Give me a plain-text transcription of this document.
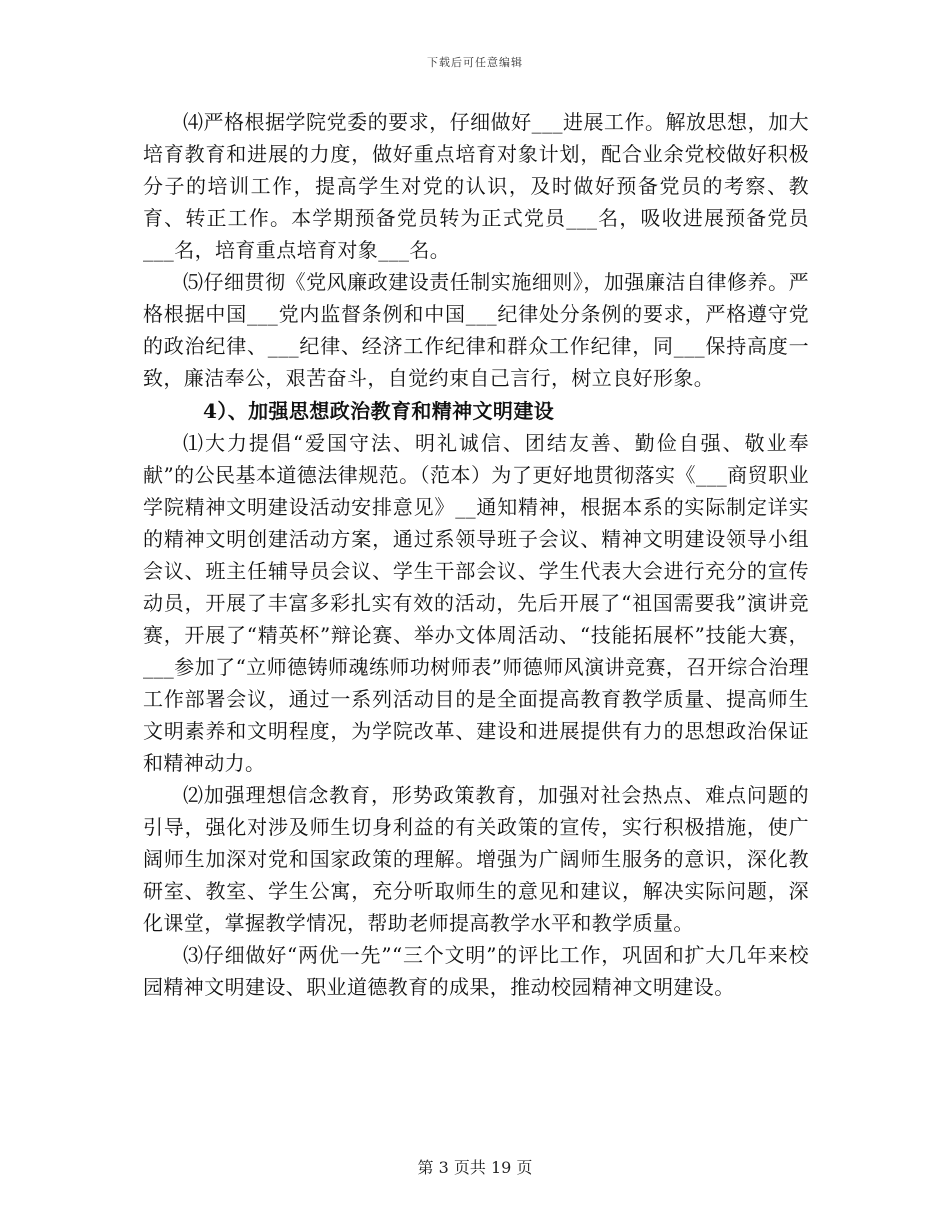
下载后可任意编辑

⑷严格根据学院党委的要求，仔细做好___进展工作。解放思想，加大培育教育和进展的力度，做好重点培育对象计划，配合业余党校做好积极分子的培训工作，提高学生对党的认识，及时做好预备党员的考察、教育、转正工作。本学期预备党员转为正式党员___名，吸收进展预备党员___名，培育重点培育对象___名。

⑸仔细贯彻《党风廉政建设责任制实施细则》，加强廉洁自律修养。严格根据中国___党内监督条例和中国___纪律处分条例的要求，严格遵守党的政治纪律、___纪律、经济工作纪律和群众工作纪律，同___保持高度一致，廉洁奉公，艰苦奋斗，自觉约束自己言行，树立良好形象。

4）、加强思想政治教育和精神文明建设

⑴大力提倡“爱国守法、明礼诚信、团结友善、勤俭自强、敬业奉献”的公民基本道德法律规范。（范本）为了更好地贯彻落实《___商贸职业学院精神文明建设活动安排意见》__通知精神，根据本系的实际制定详实的精神文明创建活动方案，通过系领导班子会议、精神文明建设领导小组会议、班主任辅导员会议、学生干部会议、学生代表大会进行充分的宣传动员，开展了丰富多彩扎实有效的活动，先后开展了“祖国需要我”演讲竞赛，开展了“精英杯”辩论赛、举办文体周活动、“技能拓展杯”技能大赛，___参加了“立师德铸师魂练师功树师表”师德师风演讲竞赛，召开综合治理工作部署会议，通过一系列活动目的是全面提高教育教学质量、提高师生文明素养和文明程度，为学院改革、建设和进展提供有力的思想政治保证和精神动力。

⑵加强理想信念教育，形势政策教育，加强对社会热点、难点问题的引导，强化对涉及师生切身利益的有关政策的宣传，实行积极措施，使广阔师生加深对党和国家政策的理解。增强为广阔师生服务的意识，深化教研室、教室、学生公寓，充分听取师生的意见和建议，解决实际问题，深化课堂，掌握教学情况，帮助老师提高教学水平和教学质量。

⑶仔细做好“两优一先”“三个文明”的评比工作，巩固和扩大几年来校园精神文明建设、职业道德教育的成果，推动校园精神文明建设。

第 3 页共 19 页
